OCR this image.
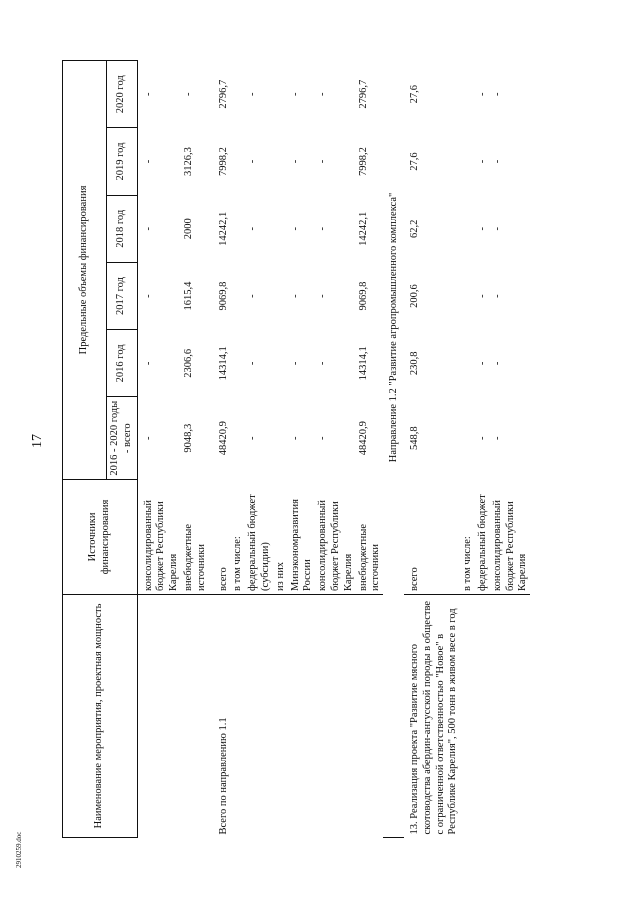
17
Наименование мероприятия, проектная мощность	Источники финансирования	Предельные объемы финансирования					
		2016 - 2020 годы - всего	2016 год	2017 год	2018 год	2019 год	2020 год
	консолидированный бюджет Республики Карелия	-	-	-	-	-	-
	внебюджетные источники	9048,3	2306,6	1615,4	2000	3126,3	-
Всего по направлению 1.1	всего	48420,9	14314,1	9069,8	14242,1	7998,2	2796,7
	в том числе:						
	федеральный бюджет (субсидии)	-	-	-	-	-	-
	из них						
	Минэкономразвития России	-	-	-	-	-	-
	консолидированный бюджет Республики Карелия	-	-	-	-	-	-
	внебюджетные источники	48420,9	14314,1	9069,8	14242,1	7998,2	2796,7
	Направление 1.2 "Развитие агропромышленного комплекса"						
13. Реализация проекта "Развитие мясного скотоводства абердин-ангусской породы в обществе с ограниченной ответственностью "Новое" в Республике Карелия", 500 тонн в живом весе в год	всего	548,8	230,8	200,6	62,2	27,6	27,6
	в том числе:						
	федеральный бюджет	-	-	-	-	-	-
	консолидированный бюджет Республики Карелия	-	-	-	-	-	-
2910259.doc
